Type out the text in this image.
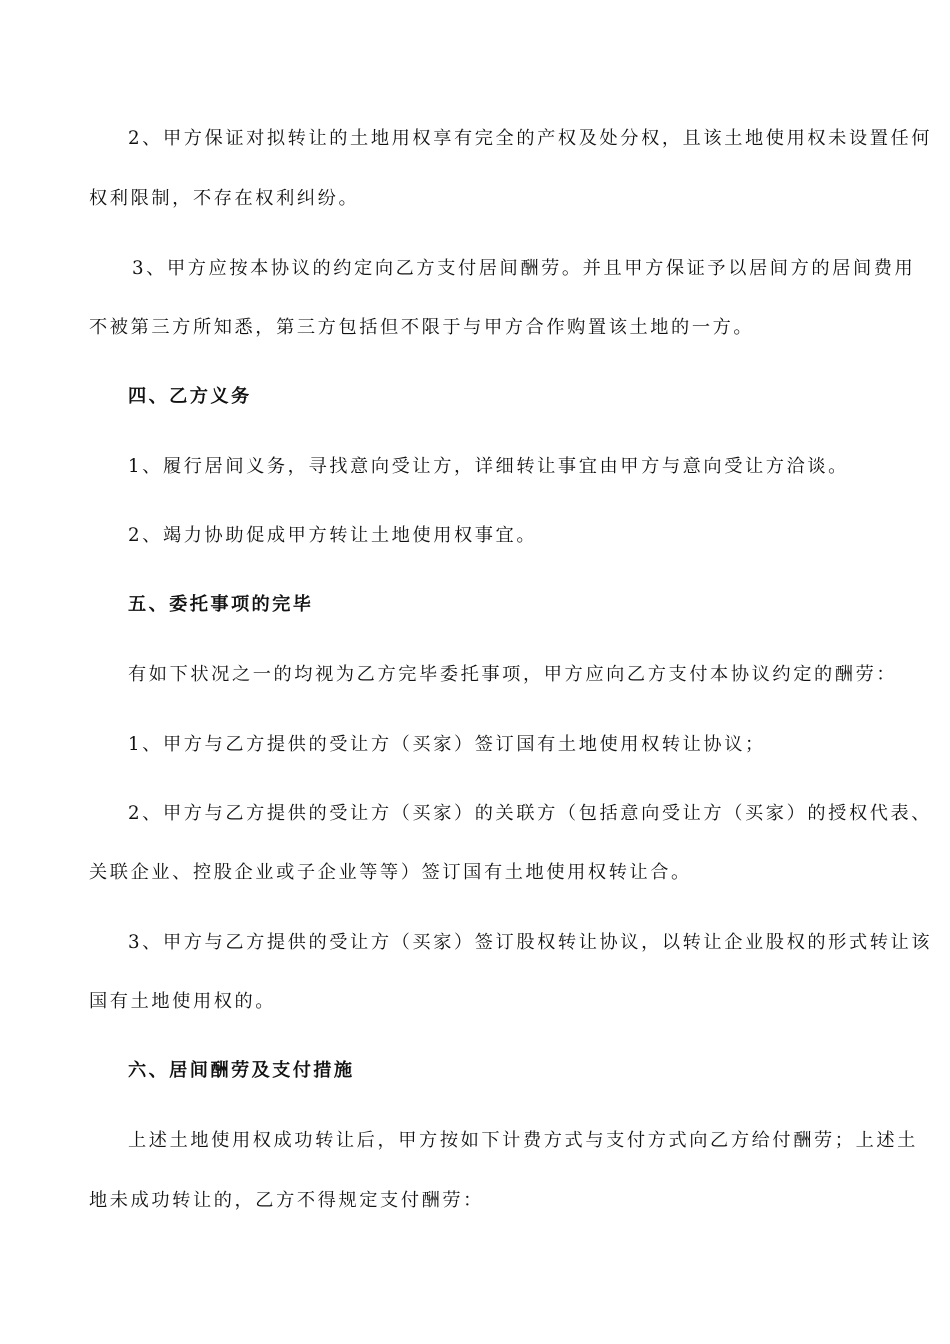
2、甲方保证对拟转让的土地用权享有完全的产权及处分权，且该土地使用权未设置任何
权利限制，不存在权利纠纷。
3、甲方应按本协议的约定向乙方支付居间酬劳。并且甲方保证予以居间方的居间费用
不被第三方所知悉，第三方包括但不限于与甲方合作购置该土地的一方。
四、乙方义务
1、履行居间义务，寻找意向受让方，详细转让事宜由甲方与意向受让方洽谈。
2、竭力协助促成甲方转让土地使用权事宜。
五、委托事项的完毕
有如下状况之一的均视为乙方完毕委托事项，甲方应向乙方支付本协议约定的酬劳：
1、甲方与乙方提供的受让方（买家）签订国有土地使用权转让协议；
2、甲方与乙方提供的受让方（买家）的关联方（包括意向受让方（买家）的授权代表、
关联企业、控股企业或子企业等等）签订国有土地使用权转让合。
3、甲方与乙方提供的受让方（买家）签订股权转让协议，以转让企业股权的形式转让该
国有土地使用权的。
六、居间酬劳及支付措施
上述土地使用权成功转让后，甲方按如下计费方式与支付方式向乙方给付酬劳；上述土
地未成功转让的，乙方不得规定支付酬劳：
